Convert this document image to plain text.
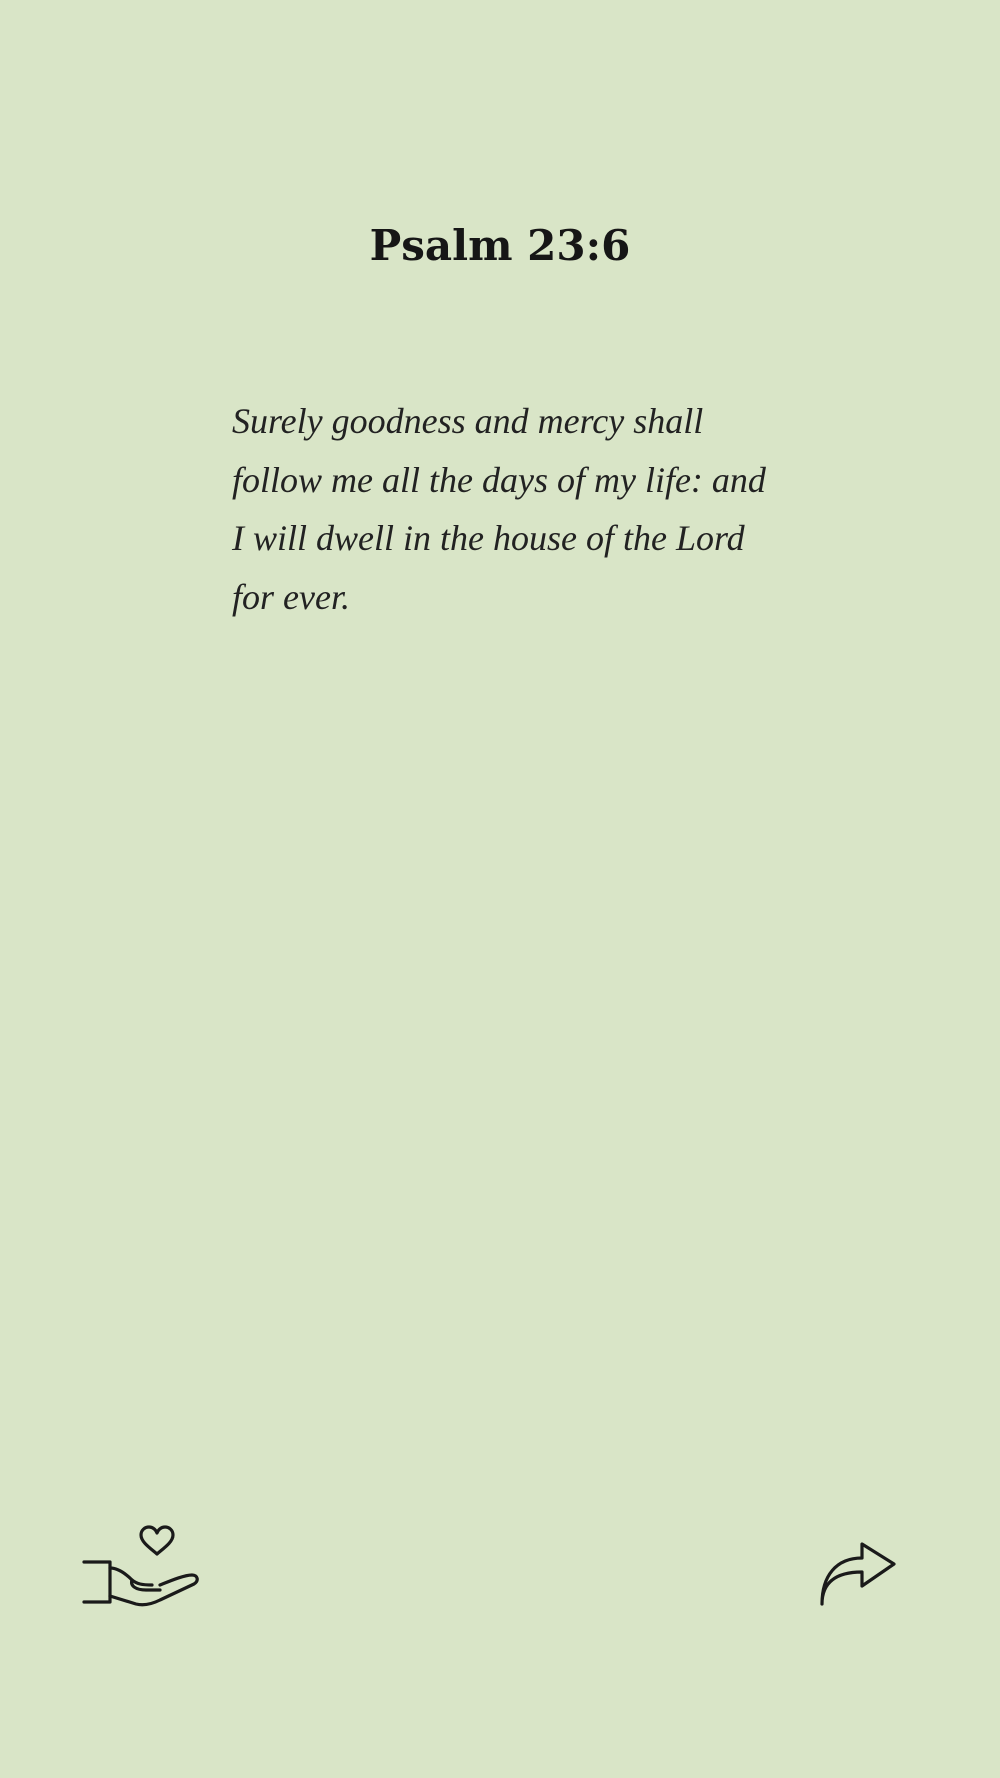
Psalm 23:6

Surely goodness and mercy shall follow me all the days of my life: and I will dwell in the house of the Lord for ever.
